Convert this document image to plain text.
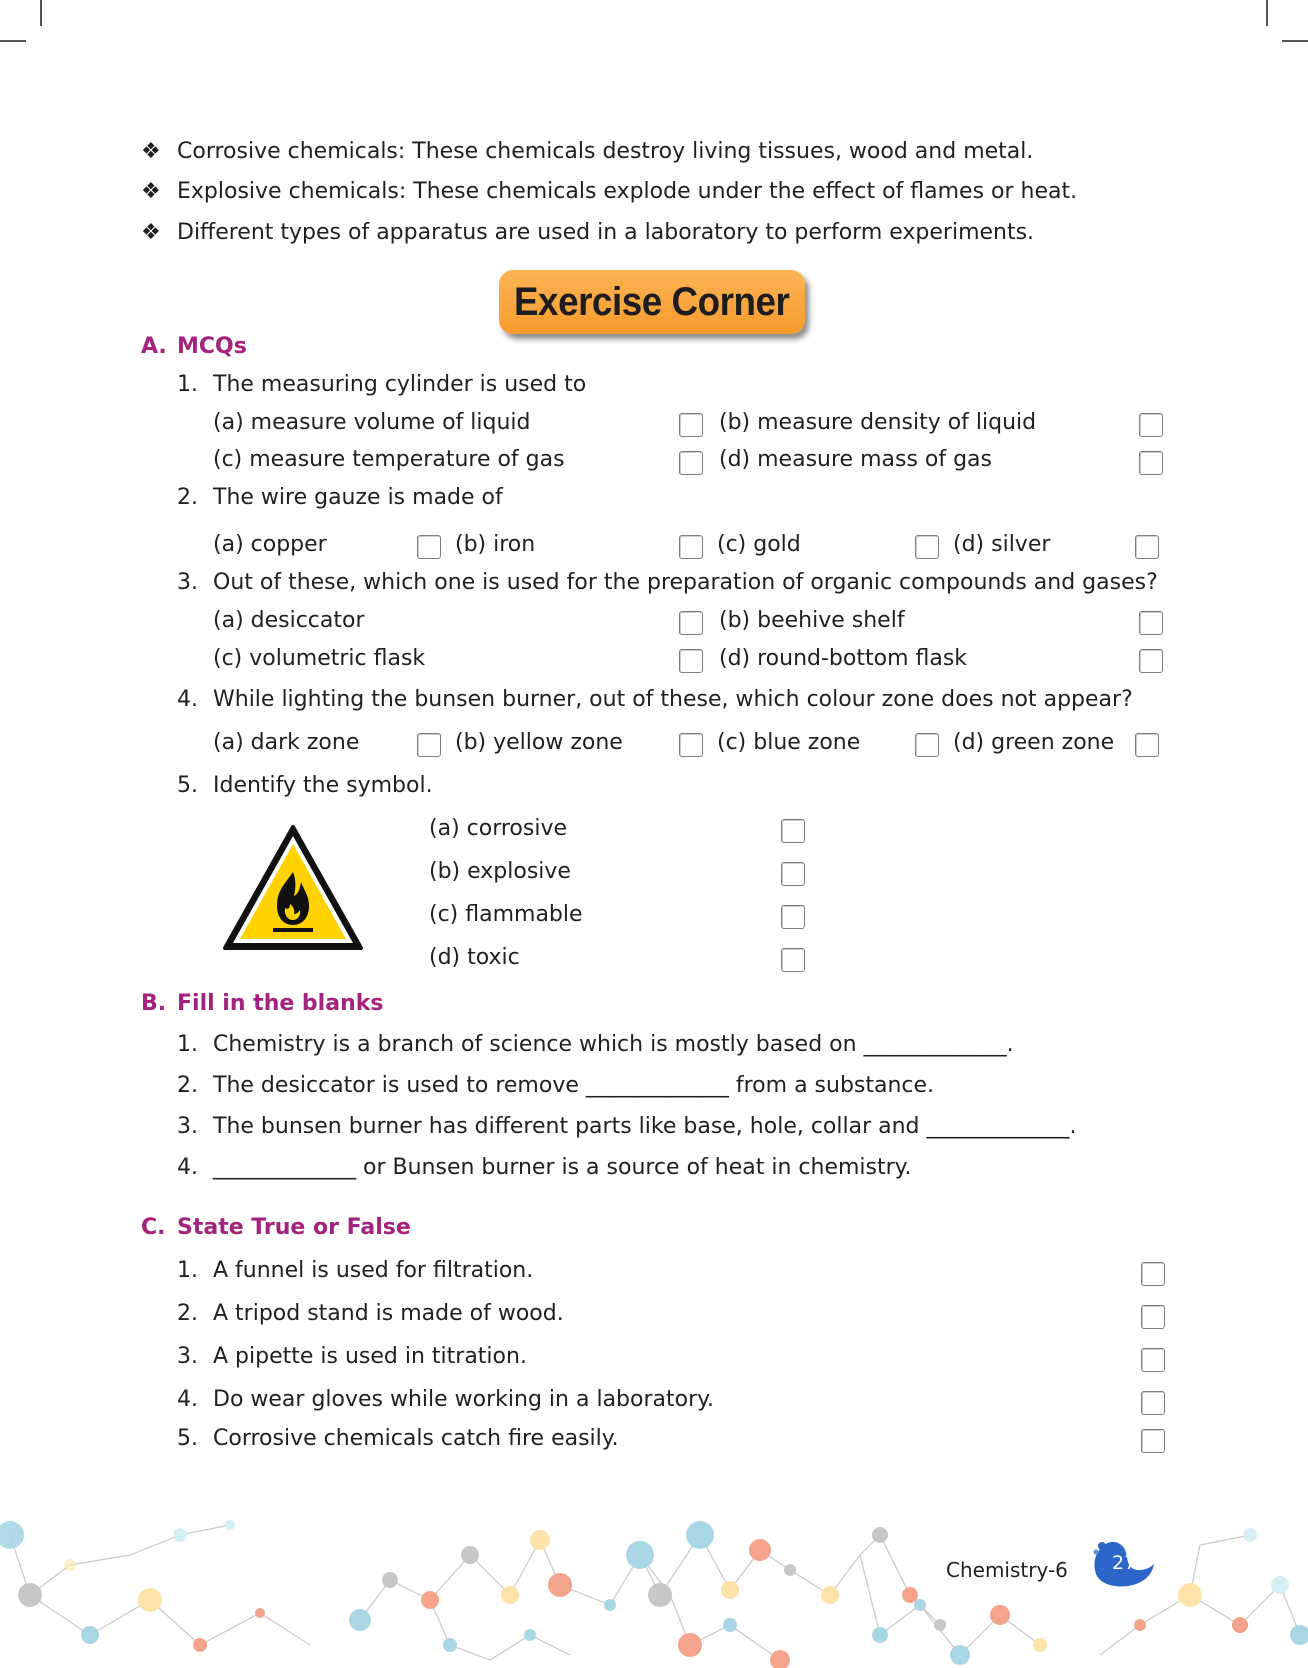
❖ Corrosive chemicals: These chemicals destroy living tissues, wood and metal.
❖ Explosive chemicals: These chemicals explode under the effect of flames or heat.
❖ Different types of apparatus are used in a laboratory to perform experiments.
Exercise Corner
A. MCQs
1. The measuring cylinder is used to
(a) measure volume of liquid	(b) measure density of liquid
(c) measure temperature of gas	(d) measure mass of gas
2. The wire gauze is made of
(a) copper	(b) iron	(c) gold	(d) silver
3. Out of these, which one is used for the preparation of organic compounds and gases?
(a) desiccator	(b) beehive shelf
(c) volumetric flask	(d) round-bottom flask
4. While lighting the bunsen burner, out of these, which colour zone does not appear?
(a) dark zone	(b) yellow zone	(c) blue zone	(d) green zone
5. Identify the symbol.
(a) corrosive
(b) explosive
(c) flammable
(d) toxic
B. Fill in the blanks
1. Chemistry is a branch of science which is mostly based on _____________.
2. The desiccator is used to remove _____________ from a substance.
3. The bunsen burner has different parts like base, hole, collar and _____________.
4. _____________ or Bunsen burner is a source of heat in chemistry.
C. State True or False
1. A funnel is used for filtration.
2. A tripod stand is made of wood.
3. A pipette is used in titration.
4. Do wear gloves while working in a laboratory.
5. Corrosive chemicals catch fire easily.
Chemistry-6 27
